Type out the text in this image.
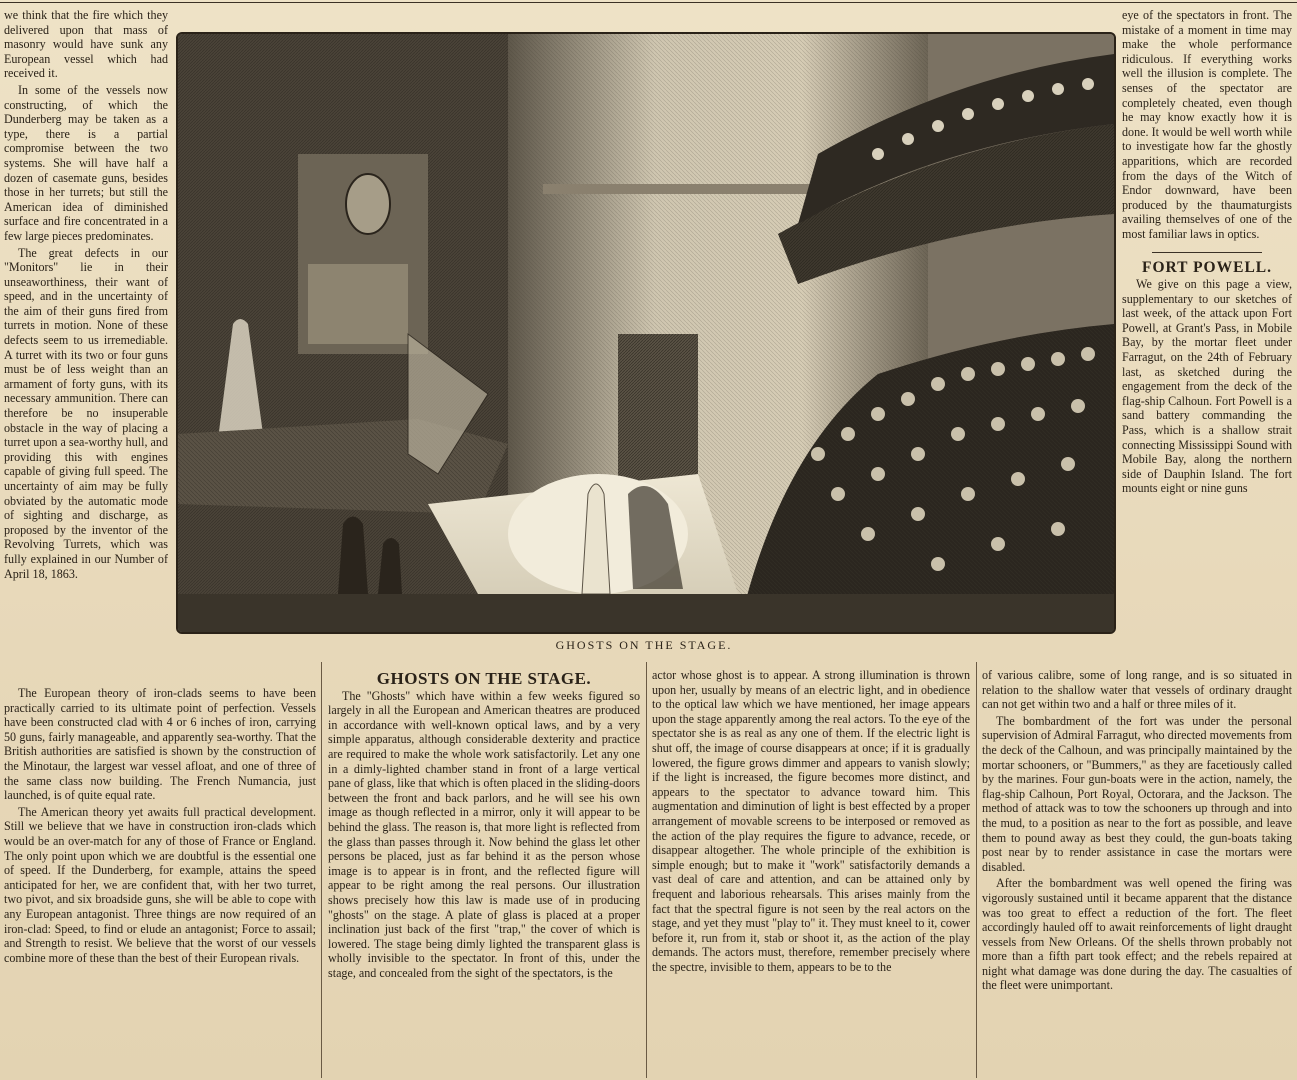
we think that the fire which they delivered upon that mass of masonry would have sunk any European vessel which had received it.

In some of the vessels now constructing, of which the Dunderberg may be taken as a type, there is a partial compromise between the two systems. She will have half a dozen of casemate guns, besides those in her turrets; but still the American idea of diminished surface and fire concentrated in a few large pieces predominates.

The great defects in our "Monitors" lie in their unseaworthiness, their want of speed, and in the uncertainty of the aim of their guns fired from turrets in motion. None of these defects seem to us irremediable. A turret with its two or four guns must be of less weight than an armament of forty guns, with its necessary ammunition. There can therefore be no insuperable obstacle in the way of placing a turret upon a sea-worthy hull, and providing this with engines capable of giving full speed. The uncertainty of aim may be fully obviated by the automatic mode of sighting and discharge, as proposed by the inventor of the Revolving Turrets, which was fully explained in our Number of April 18, 1863.

GHOSTS ON THE STAGE.

eye of the spectators in front. The mistake of a moment in time may make the whole performance ridiculous. If everything works well the illusion is complete. The senses of the spectator are completely cheated, even though he may know exactly how it is done. It would be well worth while to investigate how far the ghostly apparitions, which are recorded from the days of the Witch of Endor downward, have been produced by the thaumaturgists availing themselves of one of the most familiar laws in optics.

FORT POWELL.

We give on this page a view, supplementary to our sketches of last week, of the attack upon Fort Powell, at Grant's Pass, in Mobile Bay, by the mortar fleet under Farragut, on the 24th of February last, as sketched during the engagement from the deck of the flag-ship Calhoun. Fort Powell is a sand battery commanding the Pass, which is a shallow strait connecting Mississippi Sound with Mobile Bay, along the northern side of Dauphin Island. The fort mounts eight or nine guns

The European theory of iron-clads seems to have been practically carried to its ultimate point of perfection. Vessels have been constructed clad with 4 or 6 inches of iron, carrying 50 guns, fairly manageable, and apparently sea-worthy. That the British authorities are satisfied is shown by the construction of the Minotaur, the largest war vessel afloat, and one of three of the same class now building. The French Numancia, just launched, is of quite equal rate.

The American theory yet awaits full practical development. Still we believe that we have in construction iron-clads which would be an over-match for any of those of France or England. The only point upon which we are doubtful is the essential one of speed. If the Dunderberg, for example, attains the speed anticipated for her, we are confident that, with her two turret, two pivot, and six broadside guns, she will be able to cope with any European antagonist. Three things are now required of an iron-clad: Speed, to find or elude an antagonist; Force to assail; and Strength to resist. We believe that the worst of our vessels combine more of these than the best of their European rivals.

GHOSTS ON THE STAGE.

The "Ghosts" which have within a few weeks figured so largely in all the European and American theatres are produced in accordance with well-known optical laws, and by a very simple apparatus, although considerable dexterity and practice are required to make the whole work satisfactorily. Let any one in a dimly-lighted chamber stand in front of a large vertical pane of glass, like that which is often placed in the sliding-doors between the front and back parlors, and he will see his own image as though reflected in a mirror, only it will appear to be behind the glass. The reason is, that more light is reflected from the glass than passes through it. Now behind the glass let other persons be placed, just as far behind it as the person whose image is to appear is in front, and the reflected figure will appear to be right among the real persons. Our illustration shows precisely how this law is made use of in producing "ghosts" on the stage. A plate of glass is placed at a proper inclination just back of the first "trap," the cover of which is lowered. The stage being dimly lighted the transparent glass is wholly invisible to the spectator. In front of this, under the stage, and concealed from the sight of the spectators, is the

actor whose ghost is to appear. A strong illumination is thrown upon her, usually by means of an electric light, and in obedience to the optical law which we have mentioned, her image appears upon the stage apparently among the real actors. To the eye of the spectator she is as real as any one of them. If the electric light is shut off, the image of course disappears at once; if it is gradually lowered, the figure grows dimmer and appears to vanish slowly; if the light is increased, the figure becomes more distinct, and appears to the spectator to advance toward him. This augmentation and diminution of light is best effected by a proper arrangement of movable screens to be interposed or removed as the action of the play requires the figure to advance, recede, or disappear altogether. The whole principle of the exhibition is simple enough; but to make it "work" satisfactorily demands a vast deal of care and attention, and can be attained only by frequent and laborious rehearsals. This arises mainly from the fact that the spectral figure is not seen by the real actors on the stage, and yet they must "play to" it. They must kneel to it, cower before it, run from it, stab or shoot it, as the action of the play demands. The actors must, therefore, remember precisely where the spectre, invisible to them, appears to be to the

of various calibre, some of long range, and is so situated in relation to the shallow water that vessels of ordinary draught can not get within two and a half or three miles of it.

The bombardment of the fort was under the personal supervision of Admiral Farragut, who directed movements from the deck of the Calhoun, and was principally maintained by the mortar schooners, or "Bummers," as they are facetiously called by the marines. Four gun-boats were in the action, namely, the flag-ship Calhoun, Port Royal, Octorara, and the Jackson. The method of attack was to tow the schooners up through and into the mud, to a position as near to the fort as possible, and leave them to pound away as best they could, the gun-boats taking post near by to render assistance in case the mortars were disabled.

After the bombardment was well opened the firing was vigorously sustained until it became apparent that the distance was too great to effect a reduction of the fort. The fleet accordingly hauled off to await reinforcements of light draught vessels from New Orleans. Of the shells thrown probably not more than a fifth part took effect; and the rebels repaired at night what damage was done during the day. The casualties of the fleet were unimportant.
